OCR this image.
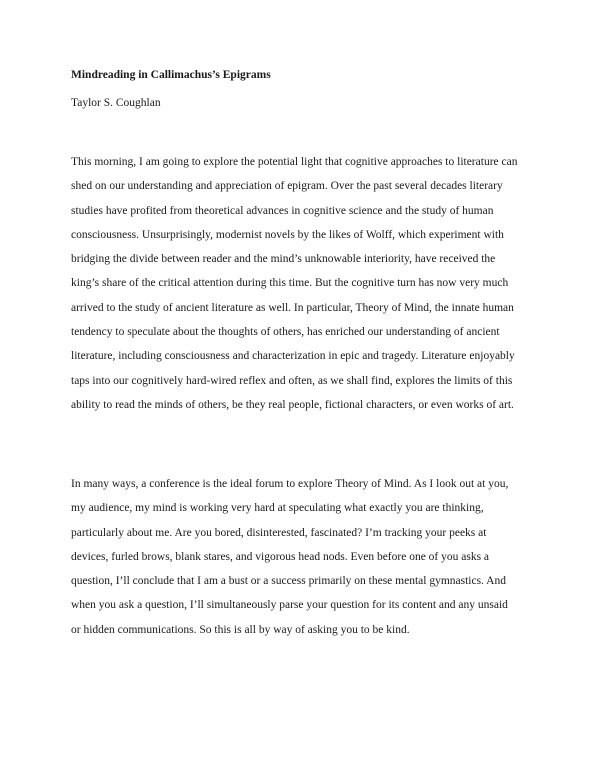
Mindreading in Callimachus’s Epigrams

Taylor S. Coughlan

This morning, I am going to explore the potential light that cognitive approaches to literature can
shed on our understanding and appreciation of epigram. Over the past several decades literary
studies have profited from theoretical advances in cognitive science and the study of human
consciousness. Unsurprisingly, modernist novels by the likes of Wolff, which experiment with
bridging the divide between reader and the mind’s unknowable interiority, have received the
king’s share of the critical attention during this time. But the cognitive turn has now very much
arrived to the study of ancient literature as well. In particular, Theory of Mind, the innate human
tendency to speculate about the thoughts of others, has enriched our understanding of ancient
literature, including consciousness and characterization in epic and tragedy. Literature enjoyably
taps into our cognitively hard-wired reflex and often, as we shall find, explores the limits of this
ability to read the minds of others, be they real people, fictional characters, or even works of art.
In many ways, a conference is the ideal forum to explore Theory of Mind. As I look out at you,
my audience, my mind is working very hard at speculating what exactly you are thinking,
particularly about me. Are you bored, disinterested, fascinated? I’m tracking your peeks at
devices, furled brows, blank stares, and vigorous head nods. Even before one of you asks a
question, I’ll conclude that I am a bust or a success primarily on these mental gymnastics. And
when you ask a question, I’ll simultaneously parse your question for its content and any unsaid
or hidden communications. So this is all by way of asking you to be kind.
